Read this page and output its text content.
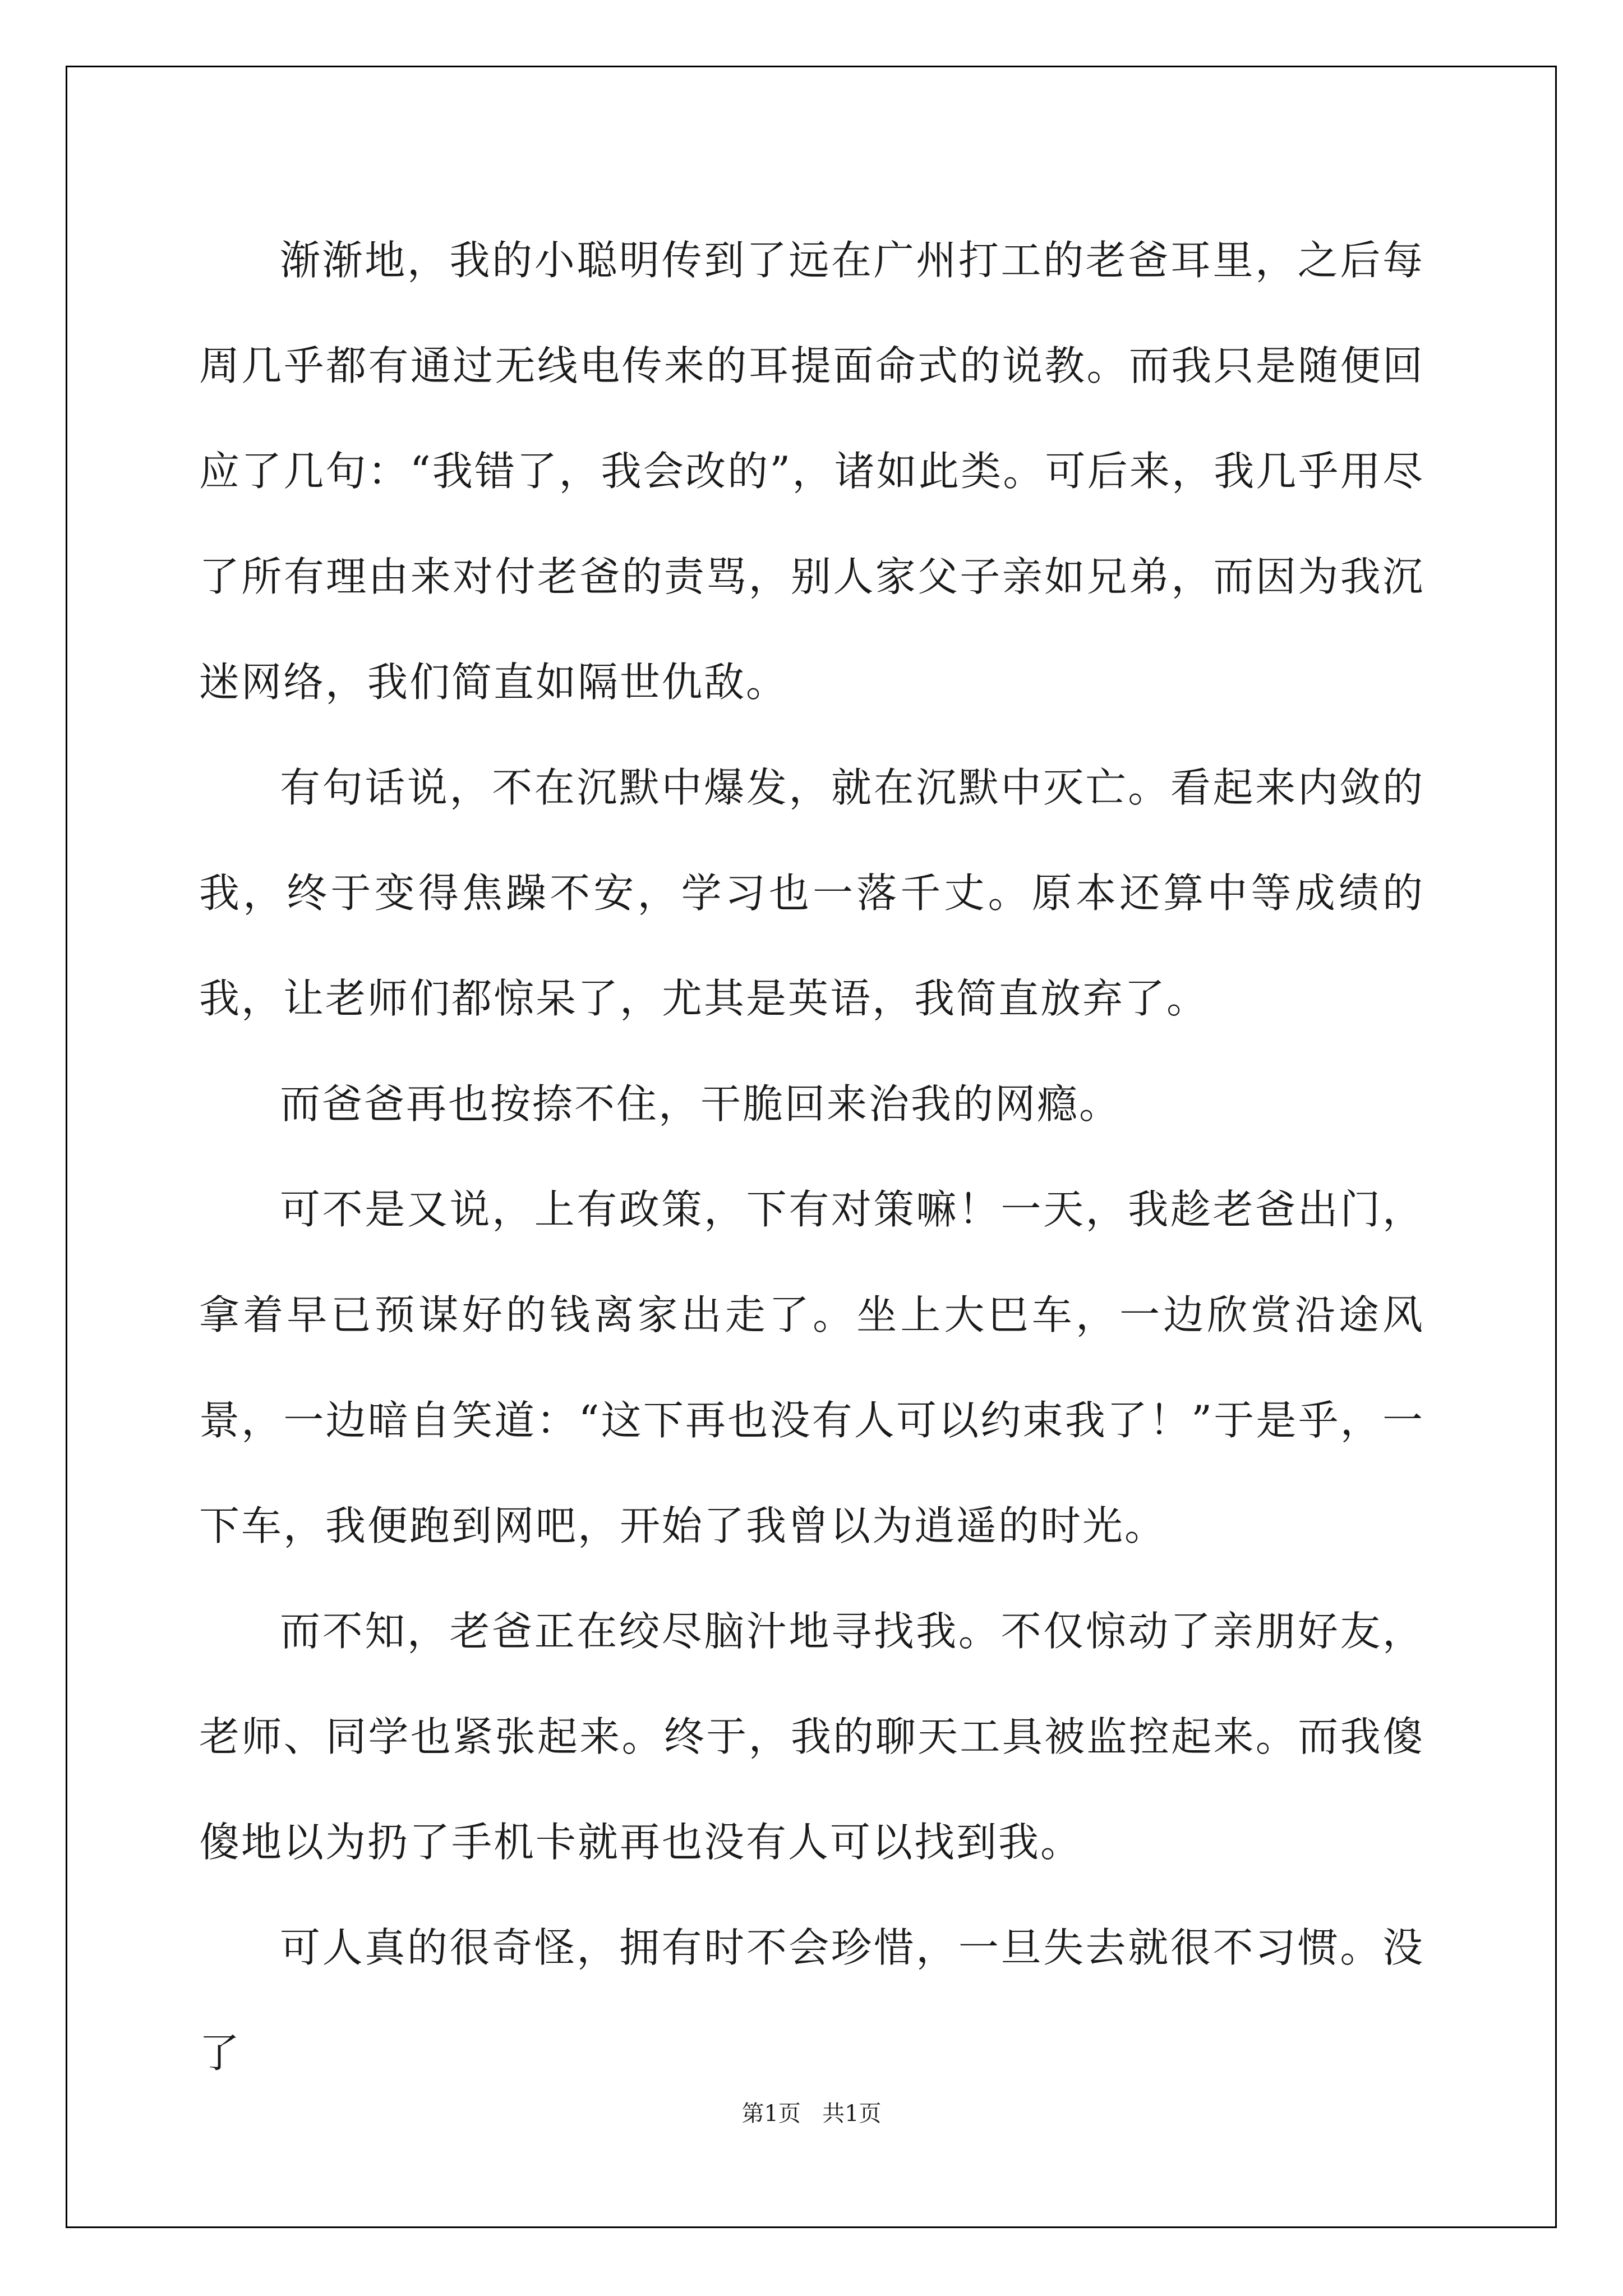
渐渐地，我的小聪明传到了远在广州打工的老爸耳里，之后每周几乎都有通过无线电传来的耳提面命式的说教。而我只是随便回应了几句：“我错了，我会改的”，诸如此类。可后来，我几乎用尽了所有理由来对付老爸的责骂，别人家父子亲如兄弟，而因为我沉迷网络，我们简直如隔世仇敌。

有句话说，不在沉默中爆发，就在沉默中灭亡。看起来内敛的我，终于变得焦躁不安，学习也一落千丈。原本还算中等成绩的我，让老师们都惊呆了，尤其是英语，我简直放弃了。

而爸爸再也按捺不住，干脆回来治我的网瘾。

可不是又说，上有政策，下有对策嘛！一天，我趁老爸出门，拿着早已预谋好的钱离家出走了。坐上大巴车，一边欣赏沿途风景，一边暗自笑道：“这下再也没有人可以约束我了！”于是乎，一下车，我便跑到网吧，开始了我曾以为逍遥的时光。

而不知，老爸正在绞尽脑汁地寻找我。不仅惊动了亲朋好友，老师、同学也紧张起来。终于，我的聊天工具被监控起来。而我傻傻地以为扔了手机卡就再也没有人可以找到我。

可人真的很奇怪，拥有时不会珍惜，一旦失去就很不习惯。没了

第1页 共1页
